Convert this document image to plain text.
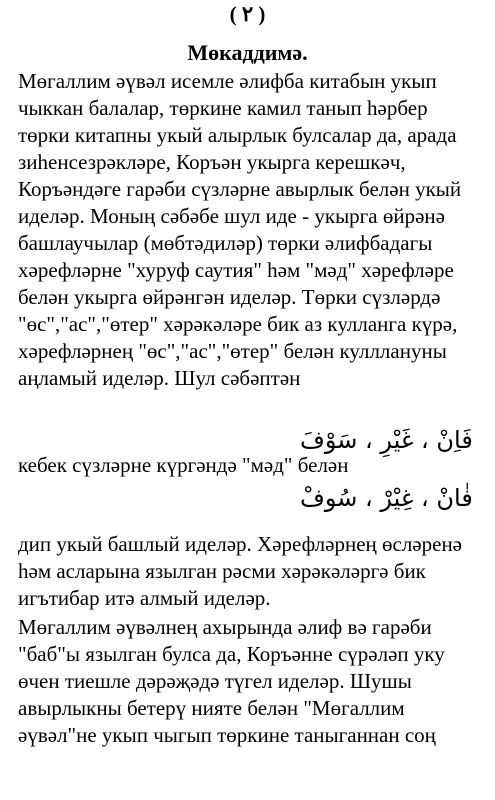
( ٢ )
Мөкаддимә.
Мөгаллим әүвәл исемле әлифба китабын укып
чыккан балалар, төркине камил танып һәрбер
төрки китапны укый алырлык булсалар да, арада
зиһенсезрәкләре, Коръән укырга керешкәч,
Коръәндәге гарәби сүзләрне авырлык белән укый
иделәр. Моның сәбәбе шул иде - укырга өйрәнә
башлаучылар (мөбтәдиләр) төрки әлифбадагы
хәрефләрне "хуруф саутия" һәм "мәд" хәрефләре
белән укырга өйрәнгән иделәр. Төрки сүзләрдә
"өс","ас","өтер" хәрәкәләре бик аз кулланга күрә,
хәрефләрнең "өс","ас","өтер" белән кулллануны
аңламый иделәр. Шул сәбәптән
فَاِنْ ، غَيْرِ ، سَوْفَ
кебек сүзләрне күргәндә "мәд" белән
فٰانْ ، غِيْرْ ، سُوفْ
дип укый башлый иделәр. Хәрефләрнең өсләренә
һәм асларына язылган рәсми хәрәкәләргә бик
игътибар итә алмый иделәр.
Мөгаллим әүвәлнең ахырында әлиф вә гарәби
"баб"ы язылган булса да, Коръәнне сүрәләп уку
өчен тиешле дәрәҗәдә түгел иделәр. Шушы
авырлыкны бетерү нияте белән "Мөгаллим
әүвәл"не укып чыгып төркине таныганнан соң
